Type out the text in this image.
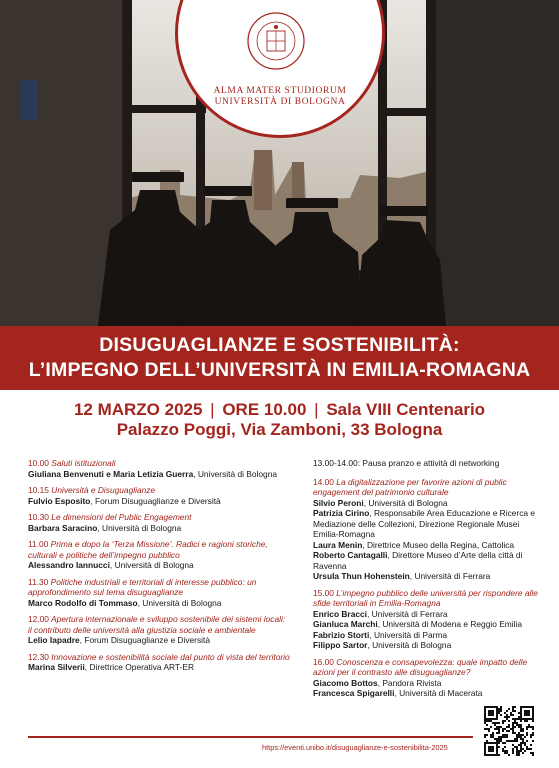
ALMA MATER STUDIORUM
UNIVERSITÀ DI BOLOGNA
DISUGUAGLIANZE E SOSTENIBILITÀ:
L’IMPEGNO DELL’UNIVERSITÀ IN EMILIA-ROMAGNA
12 MARZO 2025 | ORE 10.00 | Sala VIII Centenario
Palazzo Poggi, Via Zamboni, 33 Bologna
10.00 Saluti istituzionali
Giuliana Benvenuti e Maria Letizia Guerra, Università di Bologna
10.15 Università e Disuguaglianze
Fulvio Esposito, Forum Disuguaglianze e Diversità
10.30 Le dimensioni del Public Engagement
Barbara Saracino, Università di Bologna
11.00 Prima e dopo la ‘Terza Missione’. Radici e ragioni storiche, culturali e politiche dell’impegno pubblico
Alessandro Iannucci, Università di Bologna
11.30 Politiche industriali e territoriali di interesse pubblico: un approfondimento sul tema disuguaglianze
Marco Rodolfo di Tommaso, Università di Bologna
12.00 Apertura internazionale e sviluppo sostenibile dei sistemi locali: il contributo delle università alla giustizia sociale e ambientale
Lelio Iapadre, Forum Disuguaglianze e Diversità
12.30 Innovazione e sostenibilità sociale dal punto di vista del territorio
Marina Silverii, Direttrice Operativa ART-ER
13.00-14.00: Pausa pranzo e attività di networking
14.00 La digitalizzazione per favorire azioni di public engagement del patrimonio culturale
Silvio Peroni, Università di Bologna
Patrizia Cirino, Responsabile Area Educazione e Ricerca e Mediazione delle Collezioni, Direzione Regionale Musei Emilia-Romagna
Laura Menin, Direttrice Museo della Regina, Cattolica
Roberto Cantagalli, Direttore Museo d’Arte della città di Ravenna
Ursula Thun Hohenstein, Università di Ferrara
15.00 L’impegno pubblico delle università per rispondere alle sfide territoriali in Emilia-Romagna
Enrico Bracci, Università di Ferrara
Gianluca Marchi, Università di Modena e Reggio Emilia
Fabrizio Storti, Università di Parma
Filippo Sartor, Università di Bologna
16.00 Conoscenza e consapevolezza: quale impatto delle azioni per il contrasto alle disuguaglianze?
Giacomo Bottos, Pandora Rivista
Francesca Spigarelli, Università di Macerata
https://eventi.unibo.it/disuguaglianze-e-sostenibilita-2025
